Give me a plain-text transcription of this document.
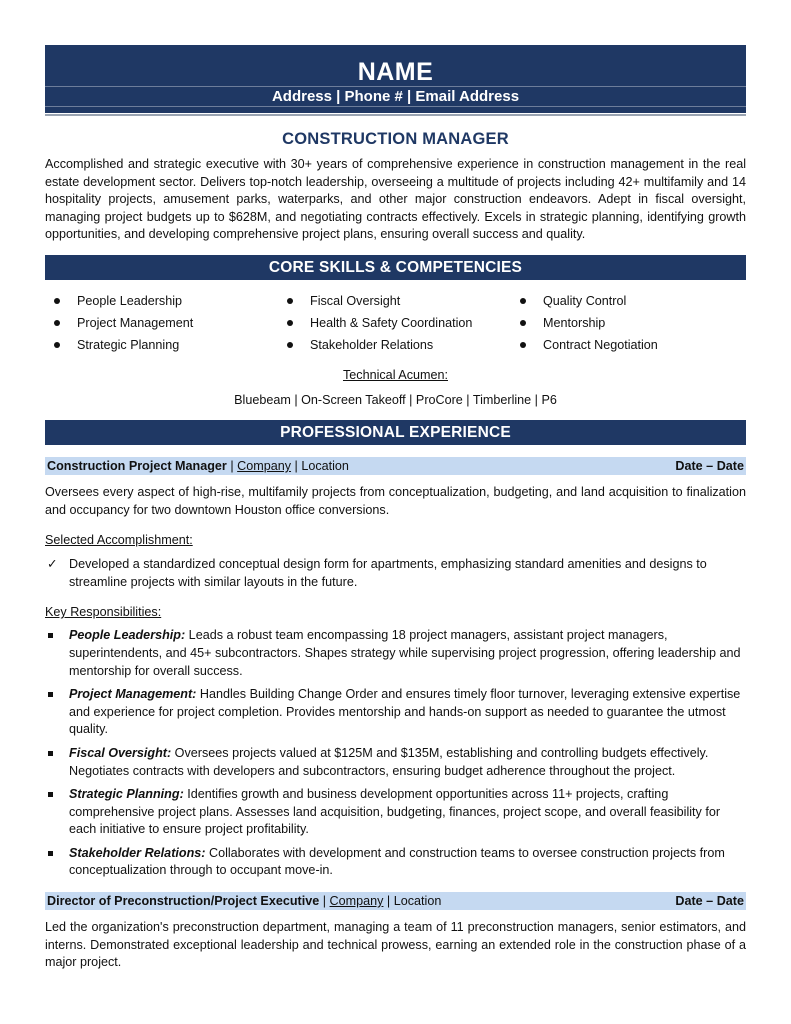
NAME
Address | Phone # | Email Address
CONSTRUCTION MANAGER
Accomplished and strategic executive with 30+ years of comprehensive experience in construction management in the real estate development sector. Delivers top-notch leadership, overseeing a multitude of projects including 42+ multifamily and 14 hospitality projects, amusement parks, waterparks, and other major construction endeavors. Adept in fiscal oversight, managing project budgets up to $628M, and negotiating contracts effectively. Excels in strategic planning, identifying growth opportunities, and developing comprehensive project plans, ensuring overall success and quality.
CORE SKILLS & COMPETENCIES
People Leadership
Project Management
Strategic Planning
Fiscal Oversight
Health & Safety Coordination
Stakeholder Relations
Quality Control
Mentorship
Contract Negotiation
Technical Acumen:
Bluebeam | On-Screen Takeoff | ProCore | Timberline | P6
PROFESSIONAL EXPERIENCE
Construction Project Manager | Company | Location	Date – Date
Oversees every aspect of high-rise, multifamily projects from conceptualization, budgeting, and land acquisition to finalization and occupancy for two downtown Houston office conversions.
Selected Accomplishment:
✓ Developed a standardized conceptual design form for apartments, emphasizing standard amenities and designs to streamline projects with similar layouts in the future.
Key Responsibilities:
People Leadership: Leads a robust team encompassing 18 project managers, assistant project managers, superintendents, and 45+ subcontractors. Shapes strategy while supervising project progression, offering leadership and mentorship for overall success.
Project Management: Handles Building Change Order and ensures timely floor turnover, leveraging extensive expertise and experience for project completion. Provides mentorship and hands-on support as needed to guarantee the utmost quality.
Fiscal Oversight: Oversees projects valued at $125M and $135M, establishing and controlling budgets effectively. Negotiates contracts with developers and subcontractors, ensuring budget adherence throughout the project.
Strategic Planning: Identifies growth and business development opportunities across 11+ projects, crafting comprehensive project plans. Assesses land acquisition, budgeting, finances, project scope, and overall feasibility for each initiative to ensure project profitability.
Stakeholder Relations: Collaborates with development and construction teams to oversee construction projects from conceptualization through to occupant move-in.
Director of Preconstruction/Project Executive | Company | Location	Date – Date
Led the organization's preconstruction department, managing a team of 11 preconstruction managers, senior estimators, and interns. Demonstrated exceptional leadership and technical prowess, earning an extended role in the construction phase of a major project.
